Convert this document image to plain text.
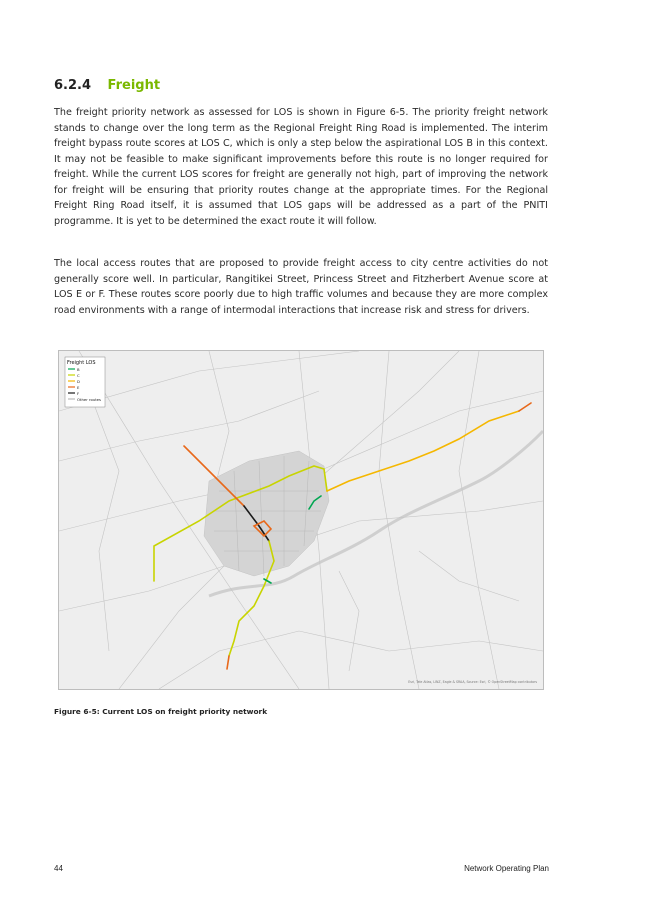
6.2.4 Freight

The freight priority network as assessed for LOS is shown in Figure 6-5. The priority freight network stands to change over the long term as the Regional Freight Ring Road is implemented. The interim freight bypass route scores at LOS C, which is only a step below the aspirational LOS B in this context. It may not be feasible to make significant improvements before this route is no longer required for freight. While the current LOS scores for freight are generally not high, part of improving the network for freight will be ensuring that priority routes change at the appropriate times. For the Regional Freight Ring Road itself, it is assumed that LOS gaps will be addressed as a part of the PNITI programme. It is yet to be determined the exact route it will follow.

The local access routes that are proposed to provide freight access to city centre activities do not generally score well. In particular, Rangitikei Street, Princess Street and Fitzherbert Avenue score at LOS E or F. These routes score poorly due to high traffic volumes and because they are more complex road environments with a range of intermodal interactions that increase risk and stress for drivers.

Freight LOS
B
C
D
E
F
Other routes
Esri, Tele Atlas, LINZ, Eagle & SRAA, Source: Esri, © OpenStreetMap contributors
Figure 6-5: Current LOS on freight priority network
44	Network Operating Plan
